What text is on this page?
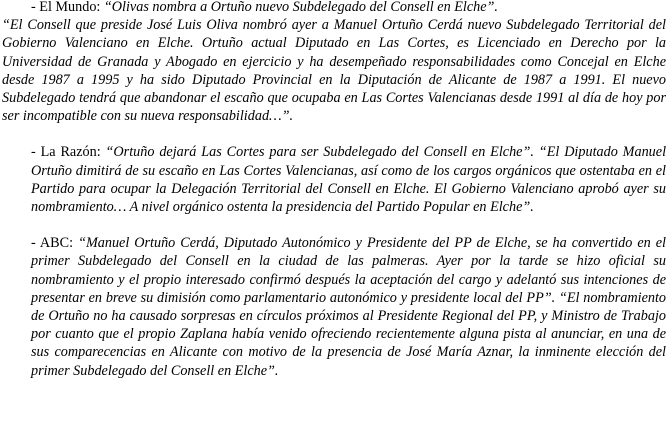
- El Mundo: “Olivas nombra a Ortuño nuevo Subdelegado del Consell en Elche”.
“El Consell que preside José Luis Oliva nombró ayer a Manuel Ortuño Cerdá nuevo Subdelegado Territorial del Gobierno Valenciano en Elche. Ortuño actual Diputado en Las Cortes, es Licenciado en Derecho por la Universidad de Granada y Abogado en ejercicio y ha desempeñado responsabilidades como Concejal en Elche desde 1987 a 1995 y ha sido Diputado Provincial en la Diputación de Alicante de 1987 a 1991. El nuevo Subdelegado tendrá que abandonar el escaño que ocupaba en Las Cortes Valencianas desde 1991 al día de hoy por ser incompatible con su nueva responsabilidad…”.
- La Razón: “Ortuño dejará Las Cortes para ser Subdelegado del Consell en Elche”. “El Diputado Manuel Ortuño dimitirá de su escaño en Las Cortes Valencianas, así como de los cargos orgánicos que ostentaba en el Partido para ocupar la Delegación Territorial del Consell en Elche. El Gobierno Valenciano aprobó ayer su nombramiento… A nivel orgánico ostenta la presidencia del Partido Popular en Elche”.
- ABC: “Manuel Ortuño Cerdá, Diputado Autonómico y Presidente del PP de Elche, se ha convertido en el primer Subdelegado del Consell en la ciudad de las palmeras. Ayer por la tarde se hizo oficial su nombramiento y el propio interesado confirmó después la aceptación del cargo y adelantó sus intenciones de presentar en breve su dimisión como parlamentario autonómico y presidente local del PP”. “El nombramiento de Ortuño no ha causado sorpresas en círculos próximos al Presidente Regional del PP, y Ministro de Trabajo por cuanto que el propio Zaplana había venido ofreciendo recientemente alguna pista al anunciar, en una de sus comparecencias en Alicante con motivo de la presencia de José María Aznar, la inminente elección del primer Subdelegado del Consell en Elche”.
